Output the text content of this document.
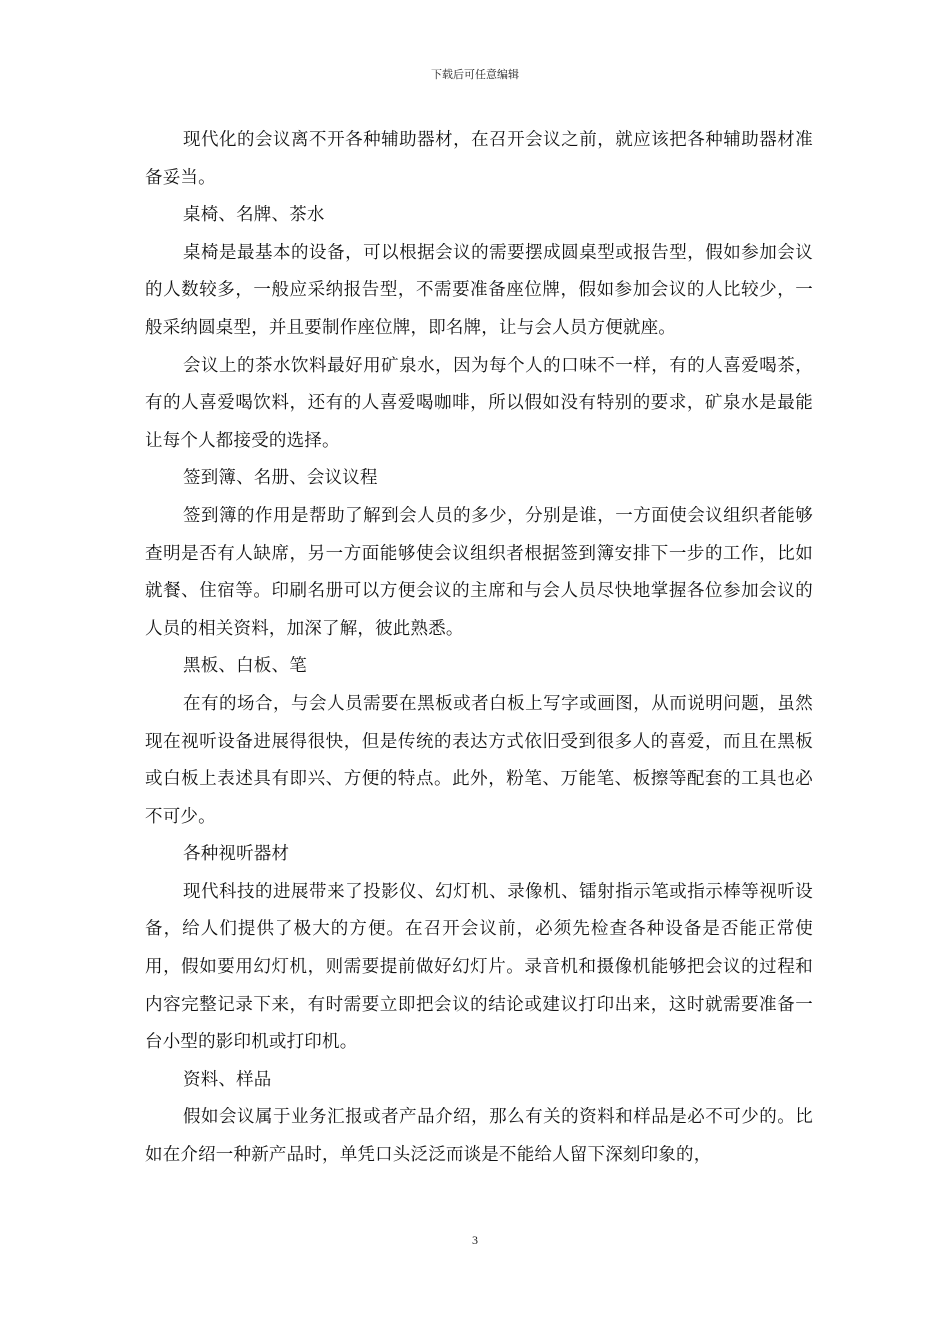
下载后可任意编辑

现代化的会议离不开各种辅助器材，在召开会议之前，就应该把各种辅助器材准备妥当。

桌椅、名牌、茶水

桌椅是最基本的设备，可以根据会议的需要摆成圆桌型或报告型，假如参加会议的人数较多，一般应采纳报告型，不需要准备座位牌，假如参加会议的人比较少，一般采纳圆桌型，并且要制作座位牌，即名牌，让与会人员方便就座。

会议上的茶水饮料最好用矿泉水，因为每个人的口味不一样，有的人喜爱喝茶，有的人喜爱喝饮料，还有的人喜爱喝咖啡，所以假如没有特别的要求，矿泉水是最能让每个人都接受的选择。

签到簿、名册、会议议程

签到簿的作用是帮助了解到会人员的多少，分别是谁，一方面使会议组织者能够查明是否有人缺席，另一方面能够使会议组织者根据签到簿安排下一步的工作，比如就餐、住宿等。印刷名册可以方便会议的主席和与会人员尽快地掌握各位参加会议的人员的相关资料，加深了解，彼此熟悉。

黑板、白板、笔

在有的场合，与会人员需要在黑板或者白板上写字或画图，从而说明问题，虽然现在视听设备进展得很快，但是传统的表达方式依旧受到很多人的喜爱，而且在黑板或白板上表述具有即兴、方便的特点。此外，粉笔、万能笔、板擦等配套的工具也必不可少。

各种视听器材

现代科技的进展带来了投影仪、幻灯机、录像机、镭射指示笔或指示棒等视听设备，给人们提供了极大的方便。在召开会议前，必须先检查各种设备是否能正常使用，假如要用幻灯机，则需要提前做好幻灯片。录音机和摄像机能够把会议的过程和内容完整记录下来，有时需要立即把会议的结论或建议打印出来，这时就需要准备一台小型的影印机或打印机。

资料、样品

假如会议属于业务汇报或者产品介绍，那么有关的资料和样品是必不可少的。比如在介绍一种新产品时，单凭口头泛泛而谈是不能给人留下深刻印象的，

3
